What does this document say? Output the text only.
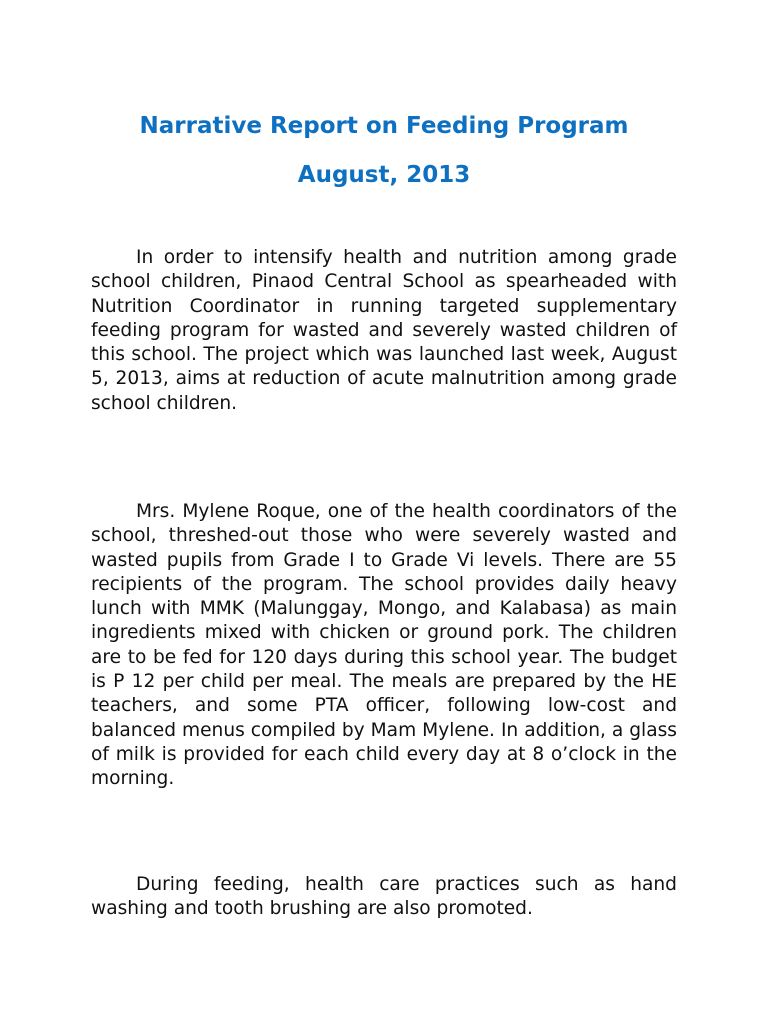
Narrative Report on Feeding Program
August, 2013

In order to intensify health and nutrition among grade school children, Pinaod Central School as spearheaded with Nutrition Coordinator in running targeted supplementary feeding program for wasted and severely wasted children of this school. The project which was launched last week, August 5, 2013, aims at reduction of acute malnutrition among grade school children.

Mrs. Mylene Roque, one of the health coordinators of the school, threshed-out those who were severely wasted and wasted pupils from Grade I to Grade Vi levels. There are 55 recipients of the program. The school provides daily heavy lunch with MMK (Malunggay, Mongo, and Kalabasa) as main ingredients mixed with chicken or ground pork. The children are to be fed for 120 days during this school year. The budget is P 12 per child per meal. The meals are prepared by the HE teachers, and some PTA officer, following low-cost and balanced menus compiled by Mam Mylene. In addition, a glass of milk is provided for each child every day at 8 o’clock in the morning.

During feeding, health care practices such as hand washing and tooth brushing are also promoted.
